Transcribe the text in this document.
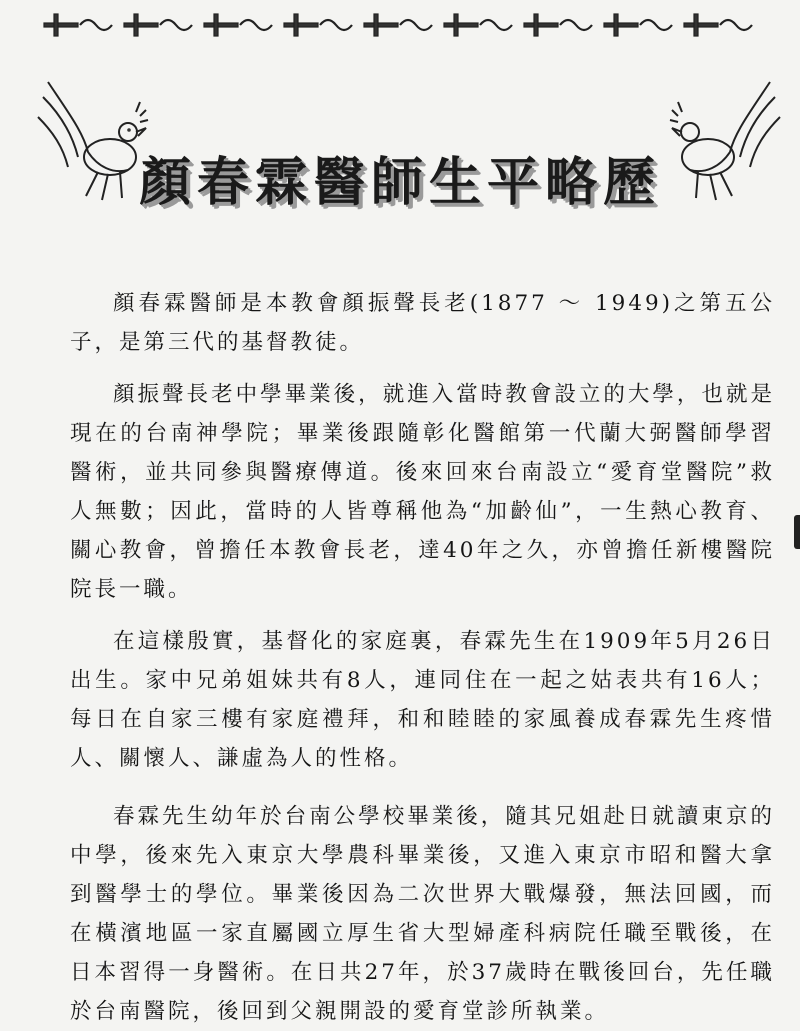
顏春霖醫師生平略歷

顏春霖醫師是本教會顏振聲長老(1877 ～ 1949)之第五公子，是第三代的基督教徒。

顏振聲長老中學畢業後，就進入當時教會設立的大學，也就是現在的台南神學院；畢業後跟隨彰化醫館第一代蘭大弼醫師學習醫術，並共同參與醫療傳道。後來回來台南設立“愛育堂醫院”救人無數；因此，當時的人皆尊稱他為“加齡仙”，一生熱心教育、關心教會，曾擔任本教會長老，達40年之久，亦曾擔任新樓醫院院長一職。

在這樣殷實，基督化的家庭裏，春霖先生在1909年5月26日出生。家中兄弟姐妹共有8人，連同住在一起之姑表共有16人；每日在自家三樓有家庭禮拜，和和睦睦的家風養成春霖先生疼惜人、關懷人、謙虛為人的性格。

春霖先生幼年於台南公學校畢業後，隨其兄姐赴日就讀東京的中學，後來先入東京大學農科畢業後，又進入東京市昭和醫大拿到醫學士的學位。畢業後因為二次世界大戰爆發，無法回國，而在橫濱地區一家直屬國立厚生省大型婦產科病院任職至戰後，在日本習得一身醫術。在日共27年，於37歲時在戰後回台，先任職於台南醫院，後回到父親開設的愛育堂診所執業。
